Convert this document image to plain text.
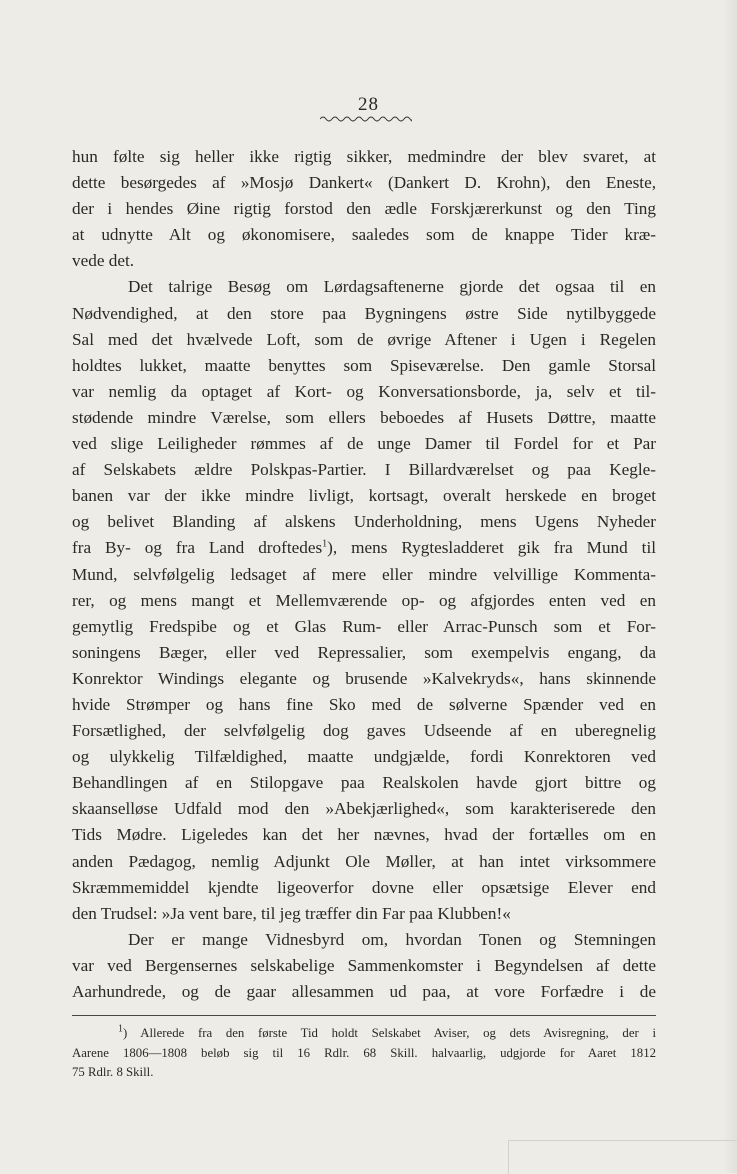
28
hun følte sig heller ikke rigtig sikker, medmindre der blev svaret, at
dette besørgedes af »Mosjø Dankert« (Dankert D. Krohn), den Eneste,
der i hendes Øine rigtig forstod den ædle Forskjærerkunst og den Ting
at udnytte Alt og økonomisere, saaledes som de knappe Tider kræ-
vede det.
Det talrige Besøg om Lørdagsaftenerne gjorde det ogsaa til en
Nødvendighed, at den store paa Bygningens østre Side nytilbyggede
Sal med det hvælvede Loft, som de øvrige Aftener i Ugen i Regelen
holdtes lukket, maatte benyttes som Spiseværelse. Den gamle Storsal
var nemlig da optaget af Kort- og Konversationsborde, ja, selv et til-
stødende mindre Værelse, som ellers beboedes af Husets Døttre, maatte
ved slige Leiligheder rømmes af de unge Damer til Fordel for et Par
af Selskabets ældre Polskpas-Partier. I Billardværelset og paa Kegle-
banen var der ikke mindre livligt, kortsagt, overalt herskede en broget
og belivet Blanding af alskens Underholdning, mens Ugens Nyheder
fra By- og fra Land droftedes$^1$), mens Rygtesladderet gik fra Mund til
Mund, selvfølgelig ledsaget af mere eller mindre velvillige Kommenta-
rer, og mens mangt et Mellemværende op- og afgjordes enten ved en
gemytlig Fredspibe og et Glas Rum- eller Arrac-Punsch som et For-
soningens Bæger, eller ved Repressalier, som exempelvis engang, da
Konrektor Windings elegante og brusende »Kalvekryds«, hans skinnende
hvide Strømper og hans fine Sko med de sølverne Spænder ved en
Forsætlighed, der selvfølgelig dog gaves Udseende af en uberegnelig
og ulykkelig Tilfældighed, maatte undgjælde, fordi Konrektoren ved
Behandlingen af en Stilopgave paa Realskolen havde gjort bittre og
skaanselløse Udfald mod den »Abekjærlighed«, som karakteriserede den
Tids Mødre. Ligeledes kan det her nævnes, hvad der fortælles om en
anden Pædagog, nemlig Adjunkt Ole Møller, at han intet virksommere
Skræmmemiddel kjendte ligeoverfor dovne eller opsætsige Elever end
den Trudsel: »Ja vent bare, til jeg træffer din Far paa Klubben!«
Der er mange Vidnesbyrd om, hvordan Tonen og Stemningen
var ved Bergensernes selskabelige Sammenkomster i Begyndelsen af dette
Aarhundrede, og de gaar allesammen ud paa, at vore Forfædre i de
$^1$) Allerede fra den første Tid holdt Selskabet Aviser, og dets Avisregning, der i
Aarene 1806—1808 beløb sig til 16 Rdlr. 68 Skill. halvaarlig, udgjorde for Aaret 1812
75 Rdlr. 8 Skill.
